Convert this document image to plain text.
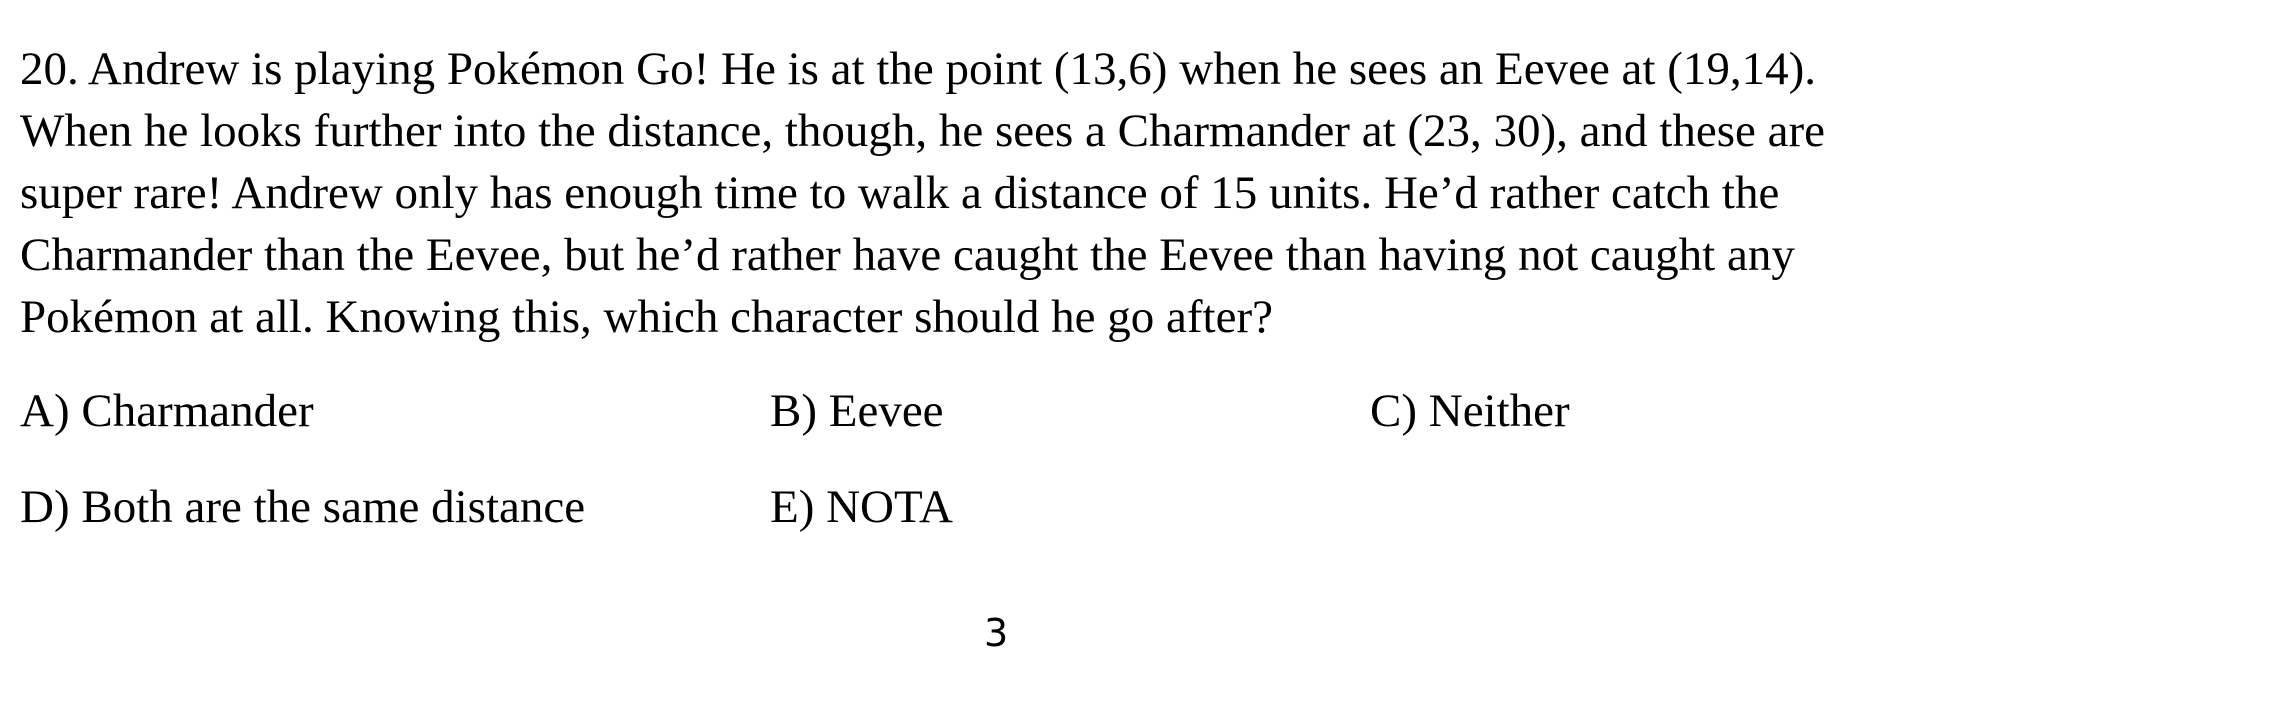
20. Andrew is playing Pokémon Go! He is at the point (13,6) when he sees an Eevee at (19,14).
When he looks further into the distance, though, he sees a Charmander at (23, 30), and these are
super rare! Andrew only has enough time to walk a distance of 15 units. He’d rather catch the
Charmander than the Eevee, but he’d rather have caught the Eevee than having not caught any
Pokémon at all. Knowing this, which character should he go after?

A) Charmander	B) Eevee	C) Neither
D) Both are the same distance	E) NOTA
3
